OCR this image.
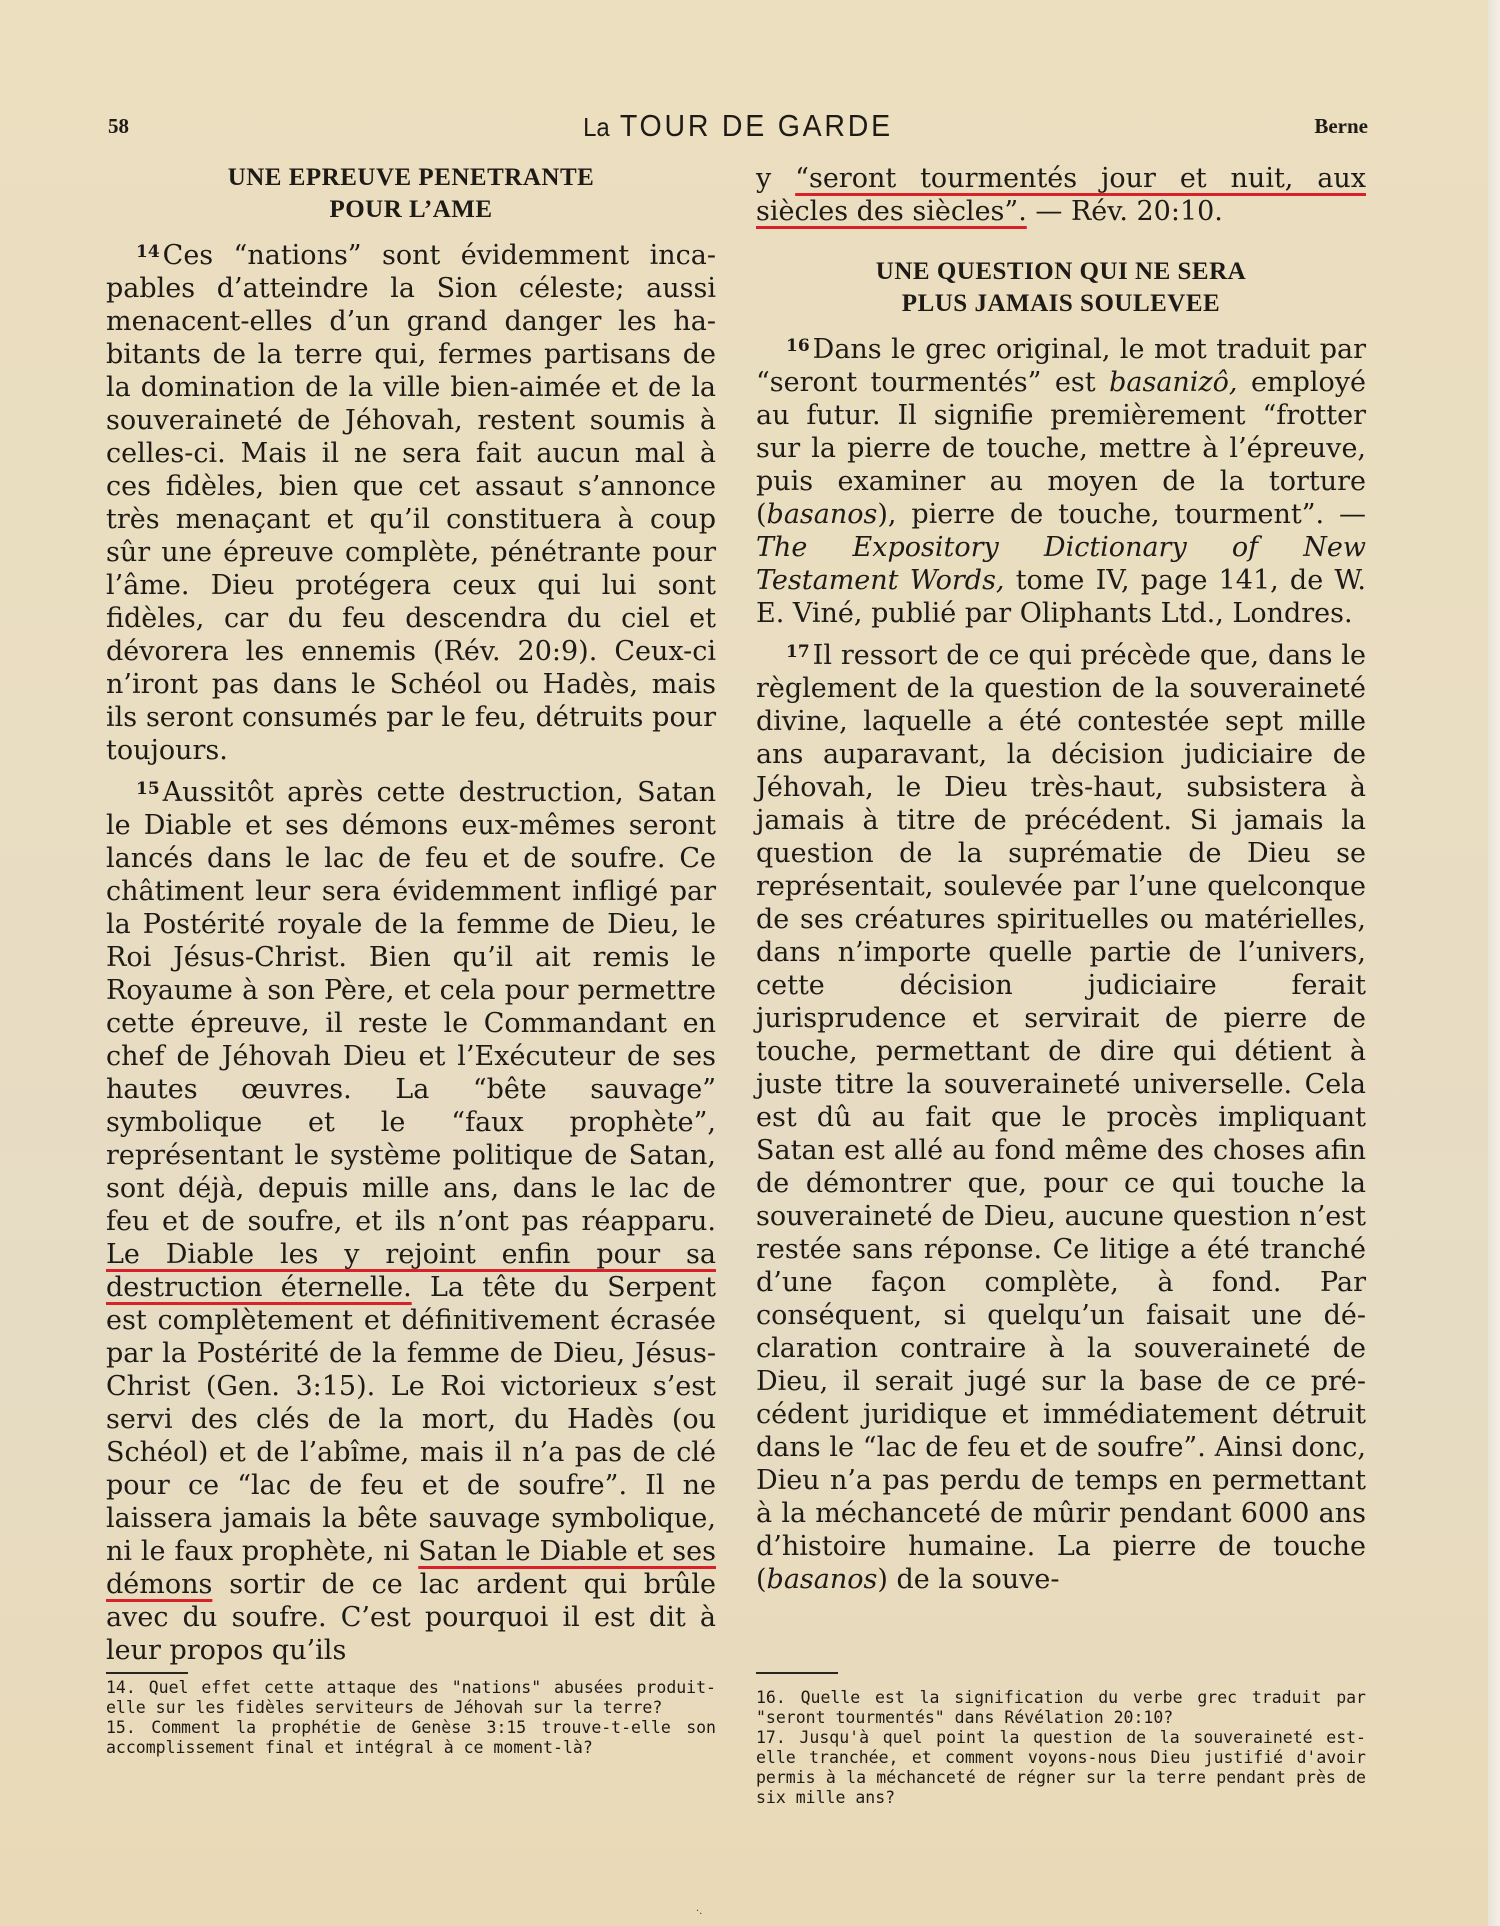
58	La TOUR DE GARDE	Berne
UNE EPREUVE PENETRANTE
POUR L’AME

$^{14}$ Ces “nations” sont évidemment incapables d’atteindre la Sion céleste; aussi menacent-elles d’un grand danger les habitants de la terre qui, fermes partisans de la domination de la ville bien-aimée et de la souveraineté de Jéhovah, restent soumis à celles-ci. Mais il ne sera fait aucun mal à ces fidèles, bien que cet assaut s’annonce très menaçant et qu’il constituera à coup sûr une épreuve complète, pénétrante pour l’âme. Dieu protégera ceux qui lui sont fidèles, car du feu descendra du ciel et dévorera les ennemis (Rév. 20:9). Ceux-ci n’iront pas dans le Schéol ou Hadès, mais ils seront consumés par le feu, détruits pour toujours.

$^{15}$ Aussitôt après cette destruction, Satan le Diable et ses démons eux-mêmes seront lancés dans le lac de feu et de soufre. Ce châtiment leur sera évidemment infligé par la Postérité royale de la femme de Dieu, le Roi Jésus-Christ. Bien qu’il ait remis le Royaume à son Père, et cela pour permettre cette épreuve, il reste le Commandant en chef de Jéhovah Dieu et l’Exécuteur de ses hautes œuvres. La “bête sauvage” symbolique et le “faux prophète”, représentant le système politique de Satan, sont déjà, depuis mille ans, dans le lac de feu et de soufre, et ils n’ont pas réapparu. Le Diable les y rejoint enfin pour sa destruction éternelle. La tête du Serpent est complètement et définitivement écrasée par la Postérité de la femme de Dieu, Jésus-Christ (Gen. 3:15). Le Roi victorieux s’est servi des clés de la mort, du Hadès (ou Schéol) et de l’abîme, mais il n’a pas de clé pour ce “lac de feu et de soufre”. Il ne laissera jamais la bête sauvage symbolique, ni le faux prophète, ni Satan le Diable et ses démons sortir de ce lac ardent qui brûle avec du soufre. C’est pourquoi il est dit à leur propos qu’ils

y “seront tourmentés jour et nuit, aux siècles des siècles”. — Rév. 20:10.

UNE QUESTION QUI NE SERA
PLUS JAMAIS SOULEVEE

$^{16}$ Dans le grec original, le mot traduit par “seront tourmentés” est basanizô, employé au futur. Il signifie premièrement “frotter sur la pierre de touche, mettre à l’épreuve, puis examiner au moyen de la torture (basanos), pierre de touche, tourment”. — The Expository Dictionary of New Testament Words, tome IV, page 141, de W. E. Viné, publié par Oliphants Ltd., Londres.

$^{17}$ Il ressort de ce qui précède que, dans le règlement de la question de la souveraineté divine, laquelle a été contestée sept mille ans auparavant, la décision judiciaire de Jéhovah, le Dieu très-haut, subsistera à jamais à titre de précédent. Si jamais la question de la suprématie de Dieu se représentait, soulevée par l’une quelconque de ses créatures spirituelles ou matérielles, dans n’importe quelle partie de l’univers, cette décision judiciaire ferait jurisprudence et servirait de pierre de touche, permettant de dire qui détient à juste titre la souveraineté universelle. Cela est dû au fait que le procès impliquant Satan est allé au fond même des choses afin de démontrer que, pour ce qui touche la souveraineté de Dieu, aucune question n’est restée sans réponse. Ce litige a été tranché d’une façon complète, à fond. Par conséquent, si quelqu’un faisait une déclaration contraire à la souveraineté de Dieu, il serait jugé sur la base de ce précédent juridique et immédiatement détruit dans le “lac de feu et de soufre”. Ainsi donc, Dieu n’a pas perdu de temps en permettant à la méchanceté de mûrir pendant 6000 ans d’histoire humaine. La pierre de touche (basanos) de la souve-

14. Quel effet cette attaque des "nations" abusées produit-elle sur les fidèles serviteurs de Jéhovah sur la terre?

15. Comment la prophétie de Genèse 3:15 trouve-t-elle son accomplissement final et intégral à ce moment-là?

16. Quelle est la signification du verbe grec traduit par "seront tourmentés" dans Révélation 20:10?

17. Jusqu'à quel point la question de la souveraineté est-elle tranchée, et comment voyons-nous Dieu justifié d'avoir permis à la méchanceté de régner sur la terre pendant près de six mille ans?

·.
